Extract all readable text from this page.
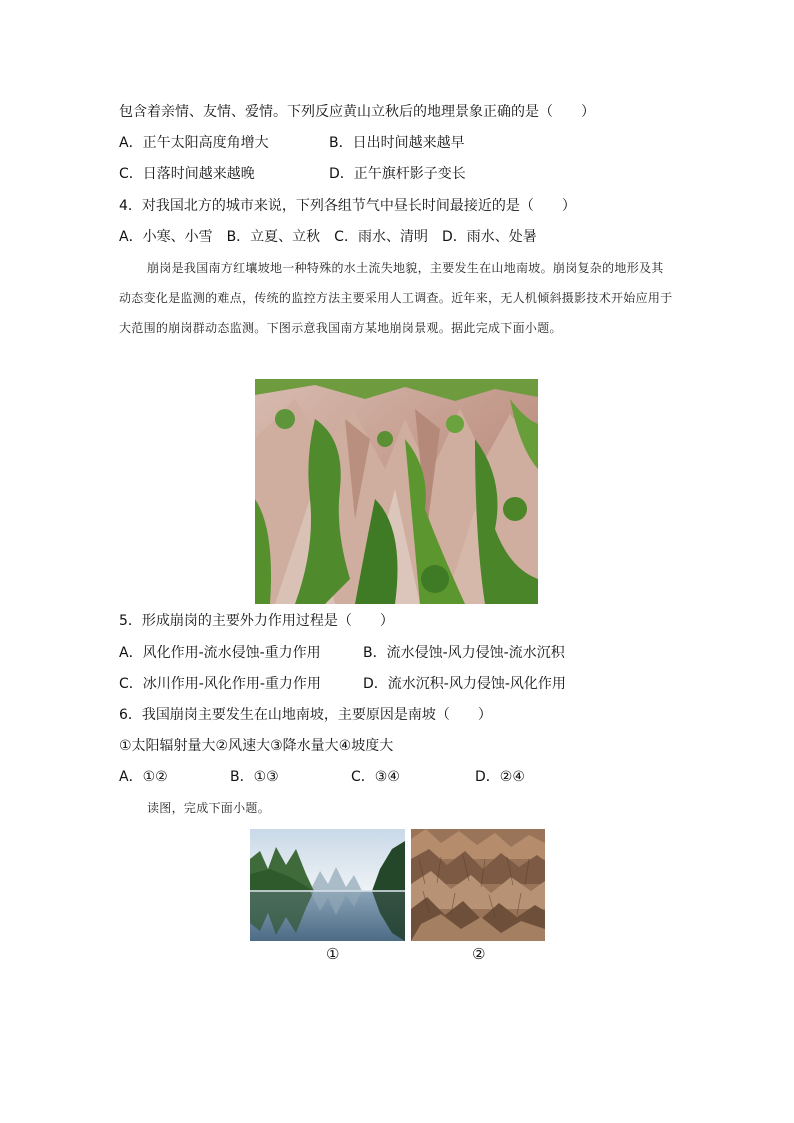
包含着亲情、友情、爱情。下列反应黄山立秋后的地理景象正确的是（　　）
A．正午太阳高度角增大	B．日出时间越来越早
C．日落时间越来越晚	D．正午旗杆影子变长
4．对我国北方的城市来说，下列各组节气中昼长时间最接近的是（　　）
A．小寒、小雪　B．立夏、立秋　C．雨水、清明　D．雨水、处暑
崩岗是我国南方红壤坡地一种特殊的水土流失地貌，主要发生在山地南坡。崩岗复杂的地形及其动态变化是监测的难点，传统的监控方法主要采用人工调查。近年来，无人机倾斜摄影技术开始应用于大范围的崩岗群动态监测。下图示意我国南方某地崩岗景观。据此完成下面小题。
5．形成崩岗的主要外力作用过程是（　　）
A．风化作用-流水侵蚀-重力作用	B．流水侵蚀-风力侵蚀-流水沉积
C．冰川作用-风化作用-重力作用	D．流水沉积-风力侵蚀-风化作用
6．我国崩岗主要发生在山地南坡，主要原因是南坡（　　）
①太阳辐射量大②风速大③降水量大④坡度大
A．①②	B．①③	C．③④	D．②④
读图，完成下面小题。
①	②
